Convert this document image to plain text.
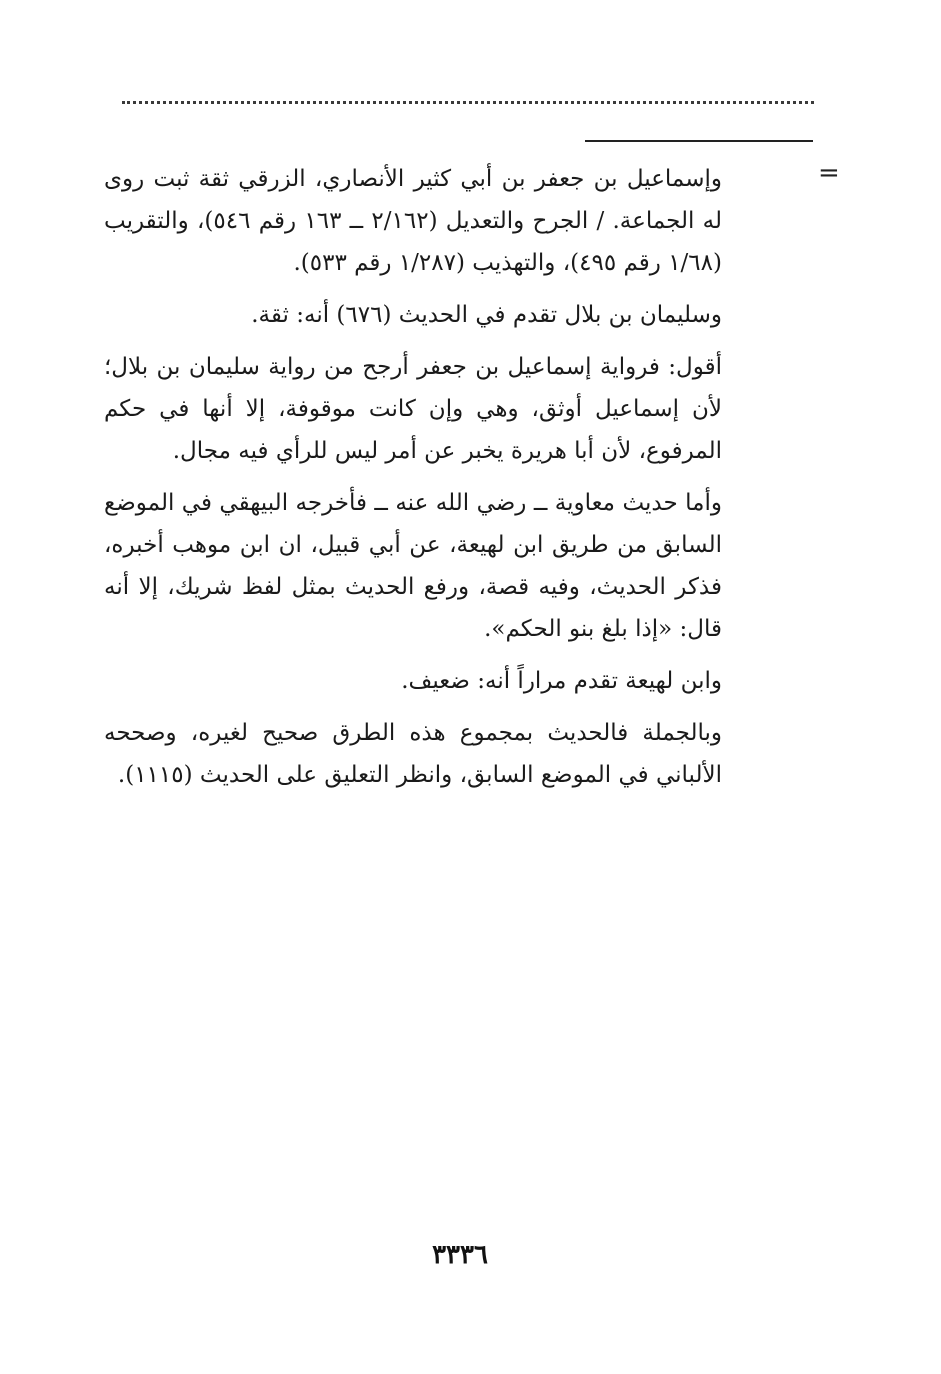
=

وإسماعيل بن جعفر بن أبي كثير الأنصاري، الزرقي ثقة ثبت روى له الجماعة. / الجرح والتعديل (٢/١٦٢ ــ ١٦٣ رقم ٥٤٦)، والتقريب (١/٦٨ رقم ٤٩٥)، والتهذيب (١/٢٨٧ رقم ٥٣٣).

وسليمان بن بلال تقدم في الحديث (٦٧٦) أنه: ثقة.

أقول: فرواية إسماعيل بن جعفر أرجح من رواية سليمان بن بلال؛ لأن إسماعيل أوثق، وهي وإن كانت موقوفة، إلا أنها في حكم المرفوع، لأن أبا هريرة يخبر عن أمر ليس للرأي فيه مجال.

وأما حديث معاوية ــ رضي الله عنه ــ فأخرجه البيهقي في الموضع السابق من طريق ابن لهيعة، عن أبي قبيل، ان ابن موهب أخبره، فذكر الحديث، وفيه قصة، ورفع الحديث بمثل لفظ شريك، إلا أنه قال: «إذا بلغ بنو الحكم».

وابن لهيعة تقدم مراراً أنه: ضعيف.

وبالجملة فالحديث بمجموع هذه الطرق صحيح لغيره، وصححه الألباني في الموضع السابق، وانظر التعليق على الحديث (١١١٥).

٣٣٣٦
